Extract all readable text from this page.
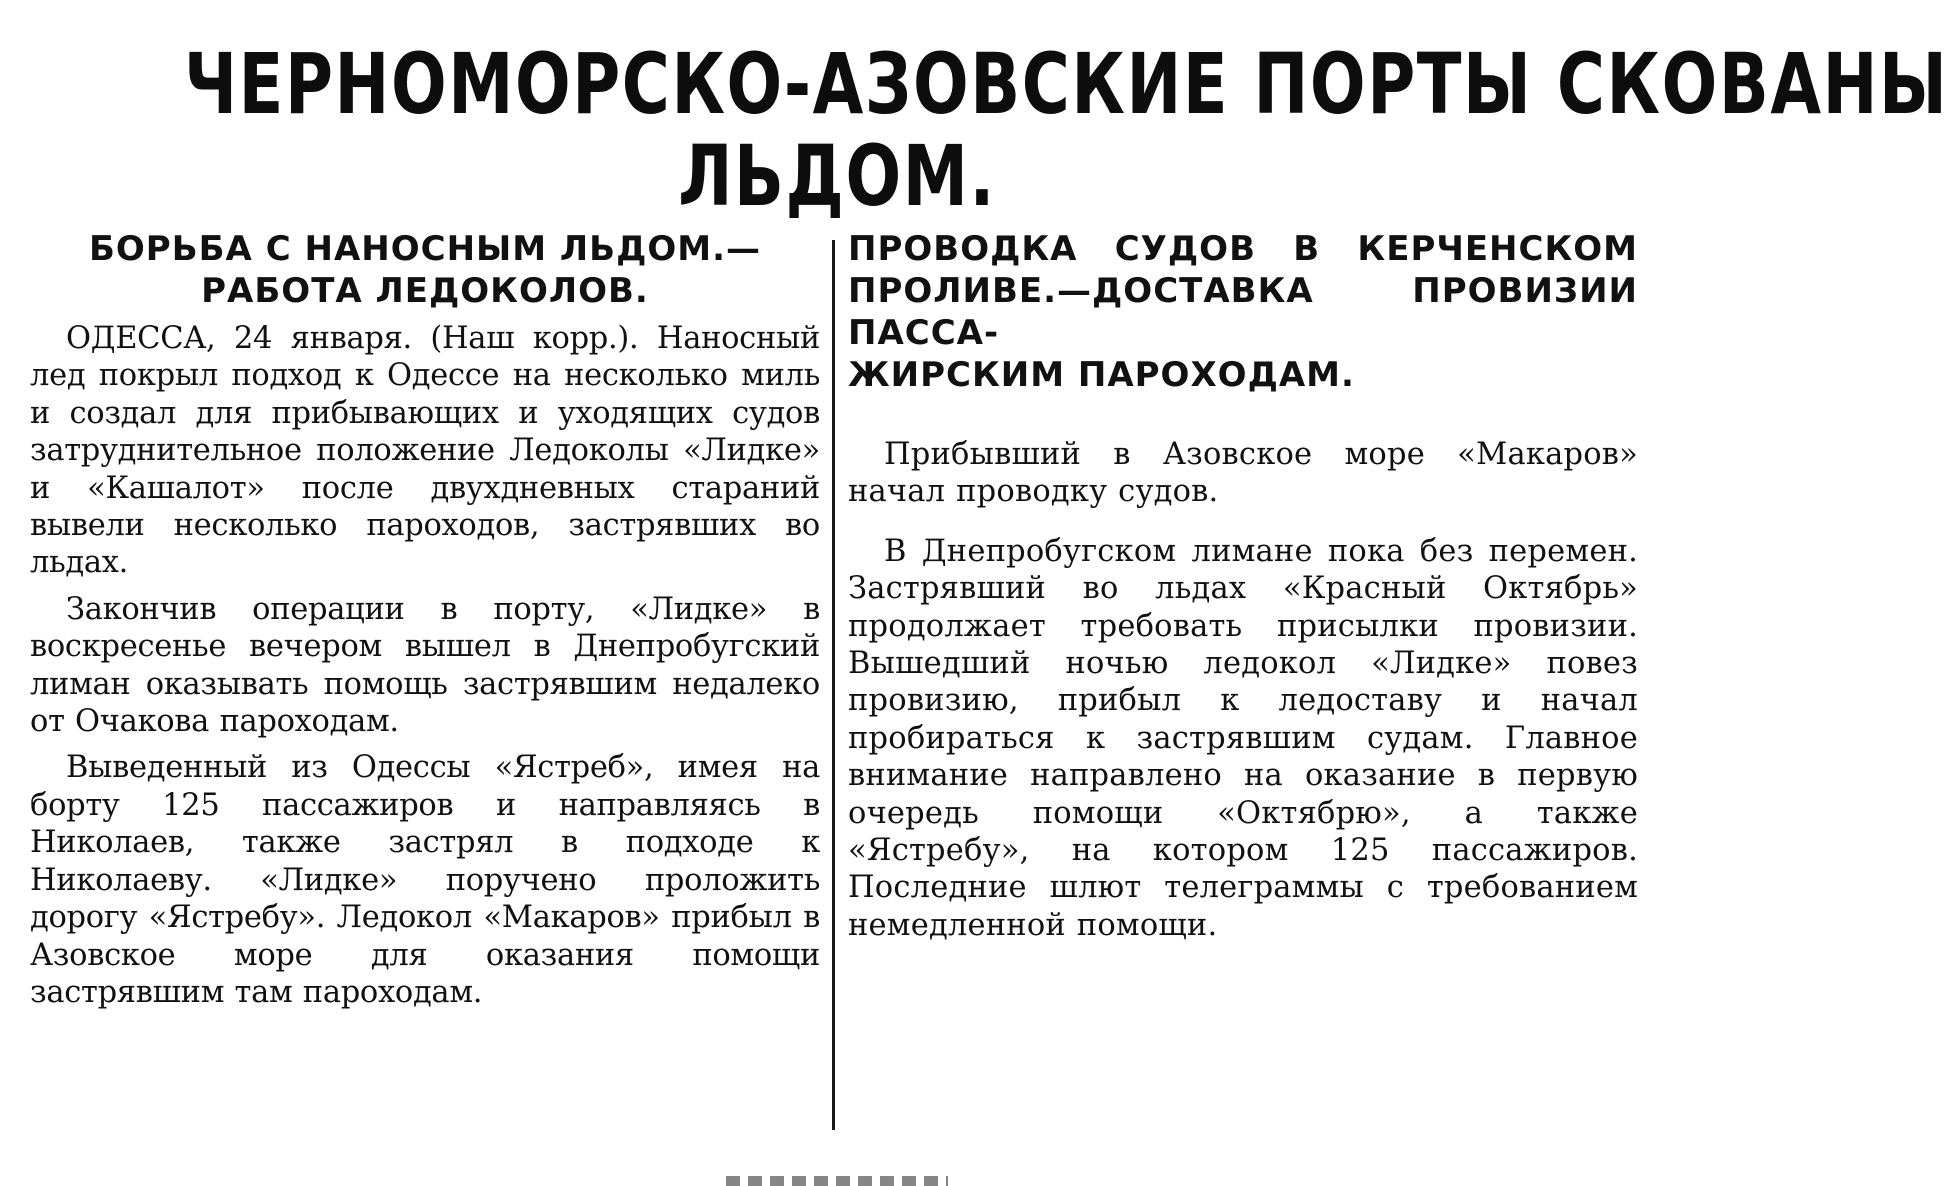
ЧЕРНОМОРСКО-АЗОВСКИЕ ПОРТЫ СКОВАНЫ
ЛЬДОМ.
БОРЬБА С НАНОСНЫМ ЛЬДОМ.—
РАБОТА ЛЕДОКОЛОВ.

ОДЕССА, 24 января. (Наш корр.). Наносный лед покрыл подход к Одессе на несколько миль и создал для прибывающих и уходящих судов затруднительное положение Ледоколы «Лидке» и «Кашалот» после двухдневных стараний вывели несколько пароходов, застрявших во льдах.

Закончив операции в порту, «Лидке» в воскресенье вечером вышел в Днепробугский лиман оказывать помощь застрявшим недалеко от Очакова пароходам.

Выведенный из Одессы «Ястреб», имея на борту 125 пассажиров и направляясь в Николаев, также застрял в подходе к Николаеву. «Лидке» поручено проложить дорогу «Ястребу». Ледокол «Макаров» прибыл в Азовское море для оказания помощи застрявшим там пароходам.

ПРОВОДКА СУДОВ В КЕРЧЕНСКОМ ПРОЛИВЕ.—ДОСТАВКА ПРОВИЗИИ ПАССА-
ЖИРСКИМ ПАРОХОДАМ.

Прибывший в Азовское море «Макаров» начал проводку судов.

В Днепробугском лимане пока без перемен. Застрявший во льдах «Красный Октябрь» продолжает требовать присылки провизии. Вышедший ночью ледокол «Лидке» повез провизию, прибыл к ледоставу и начал пробираться к застрявшим судам. Главное внимание направлено на оказание в первую очередь помощи «Октябрю», а также «Ястребу», на котором 125 пассажиров. Последние шлют телеграммы с требованием немедленной помощи.
